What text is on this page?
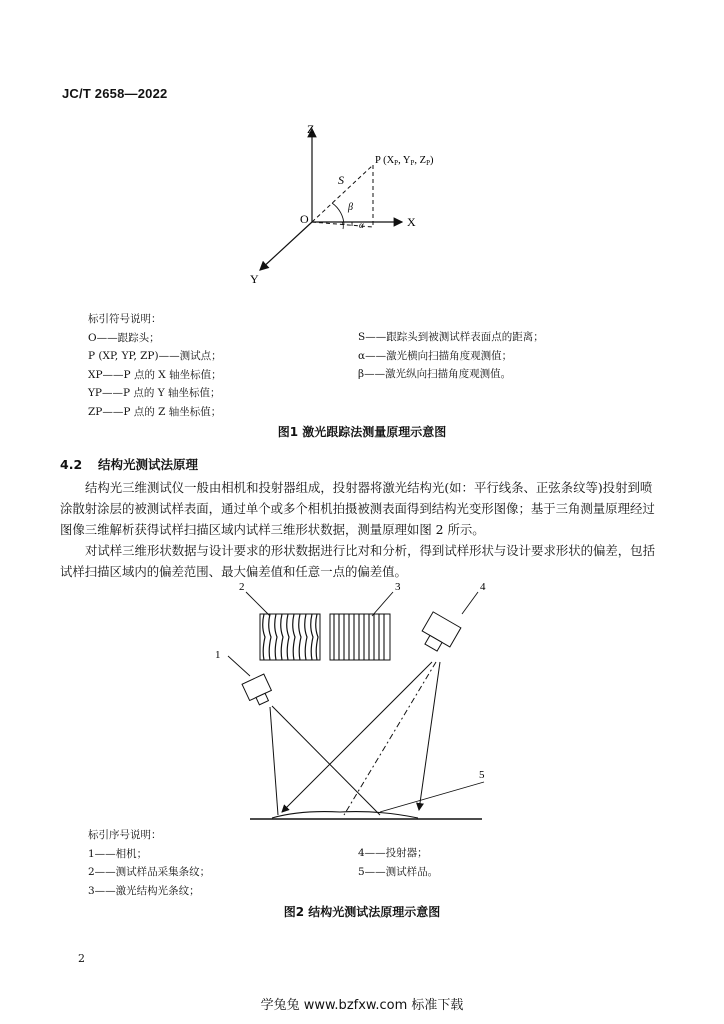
JC/T 2658—2022
Z
X
Y
O
S
β
α
P (XP, YP, ZP)
标引符号说明：
O——跟踪头；
P (XP, YP, ZP)——测试点；
XP——P 点的 X 轴坐标值；
YP——P 点的 Y 轴坐标值；
ZP——P 点的 Z 轴坐标值；
S——跟踪头到被测试样表面点的距离；
α——激光横向扫描角度观测值；
β——激光纵向扫描角度观测值。
图1 激光跟踪法测量原理示意图
4.2 结构光测试法原理
结构光三维测试仪一般由相机和投射器组成，投射器将激光结构光(如：平行线条、正弦条纹等)投射到喷涂散射涂层的被测试样表面，通过单个或多个相机拍摄被测表面得到结构光变形图像；基于三角测量原理经过图像三维解析获得试样扫描区域内试样三维形状数据，测量原理如图 2 所示。
对试样三维形状数据与设计要求的形状数据进行比对和分析，得到试样形状与设计要求形状的偏差，包括试样扫描区域内的偏差范围、最大偏差值和任意一点的偏差值。
1
2	3	4
5
标引序号说明：
1——相机；
2——测试样品采集条纹；
3——激光结构光条纹；
4——投射器；
5——测试样品。
图2 结构光测试法原理示意图
2
学兔兔 www.bzfxw.com 标准下载
